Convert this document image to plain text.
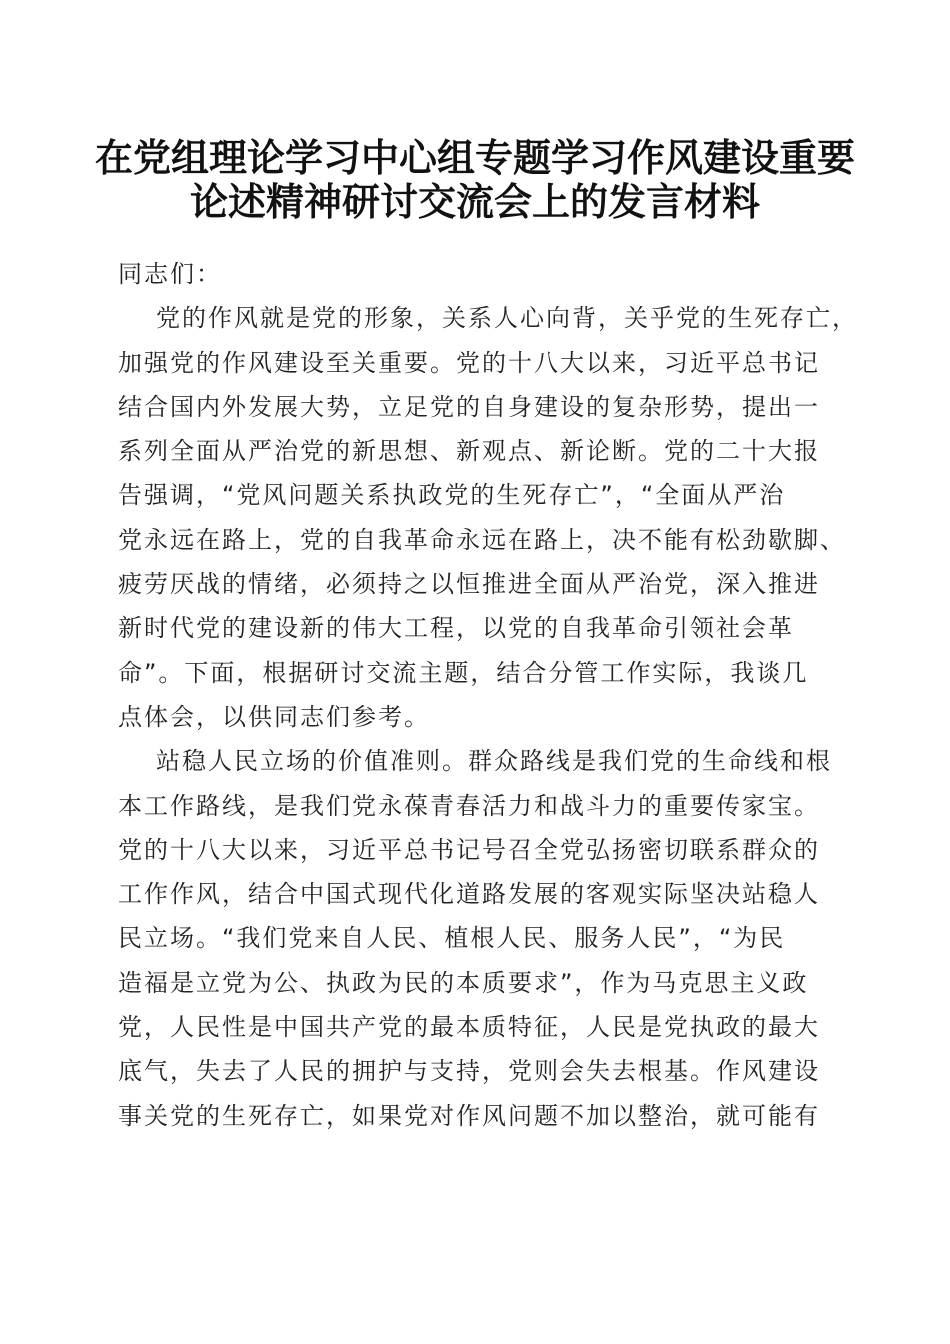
在党组理论学习中心组专题学习作风建设重要
论述精神研讨交流会上的发言材料
同志们：
党的作风就是党的形象，关系人心向背，关乎党的生死存亡，
加强党的作风建设至关重要。党的十八大以来，习近平总书记
结合国内外发展大势，立足党的自身建设的复杂形势，提出一
系列全面从严治党的新思想、新观点、新论断。党的二十大报
告强调，“党风问题关系执政党的生死存亡”，“全面从严治
党永远在路上，党的自我革命永远在路上，决不能有松劲歇脚、
疲劳厌战的情绪，必须持之以恒推进全面从严治党，深入推进
新时代党的建设新的伟大工程，以党的自我革命引领社会革
命”。下面，根据研讨交流主题，结合分管工作实际，我谈几
点体会，以供同志们参考。
站稳人民立场的价值准则。群众路线是我们党的生命线和根
本工作路线，是我们党永葆青春活力和战斗力的重要传家宝。
党的十八大以来，习近平总书记号召全党弘扬密切联系群众的
工作作风，结合中国式现代化道路发展的客观实际坚决站稳人
民立场。“我们党来自人民、植根人民、服务人民”，“为民
造福是立党为公、执政为民的本质要求”，作为马克思主义政
党，人民性是中国共产党的最本质特征，人民是党执政的最大
底气，失去了人民的拥护与支持，党则会失去根基。作风建设
事关党的生死存亡，如果党对作风问题不加以整治，就可能有
